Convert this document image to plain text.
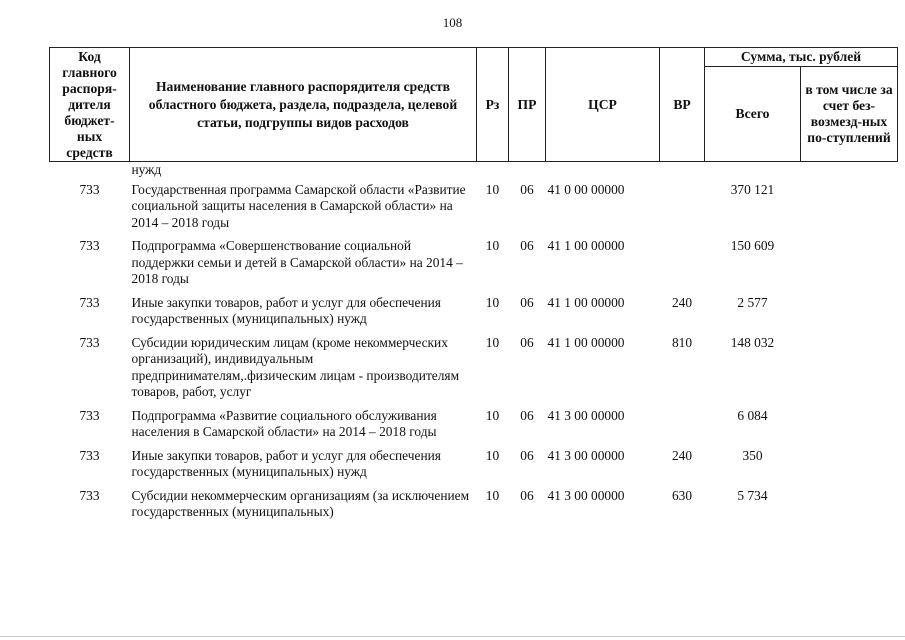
108
Код главного распоря-дителя бюджет-ных средств	Наименование главного распорядителя средств областного бюджета, раздела, подраздела, целевой статьи, подгруппы видов расходов	Рз	ПР	ЦСР	ВР	Сумма, тыс. рублей	
						Всего	в том числе за счет без-возмезд-ных по-ступлений
	нужд						
733	Государственная программа Самарской области «Развитие социальной защиты населения в Самарской области» на 2014 – 2018 годы	10	06	41 0 00 00000		370 121	
733	Подпрограмма «Совершенствование социальной поддержки семьи и детей в Самарской области» на 2014 – 2018 годы	10	06	41 1 00 00000		150 609	
733	Иные закупки товаров, работ и услуг для обеспечения государственных (муниципальных) нужд	10	06	41 1 00 00000	240	2 577	
733	Субсидии юридическим лицам (кроме некоммерческих организаций), индивидуальным предпринимателям,.физическим лицам - производителям товаров, работ, услуг	10	06	41 1 00 00000	810	148 032	
733	Подпрограмма «Развитие социального обслуживания населения в Самарской области» на 2014 – 2018 годы	10	06	41 3 00 00000		6 084	
733	Иные закупки товаров, работ и услуг для обеспечения государственных (муниципальных) нужд	10	06	41 3 00 00000	240	350	
733	Субсидии некоммерческим организациям (за исключением государственных (муниципальных)	10	06	41 3 00 00000	630	5 734	
